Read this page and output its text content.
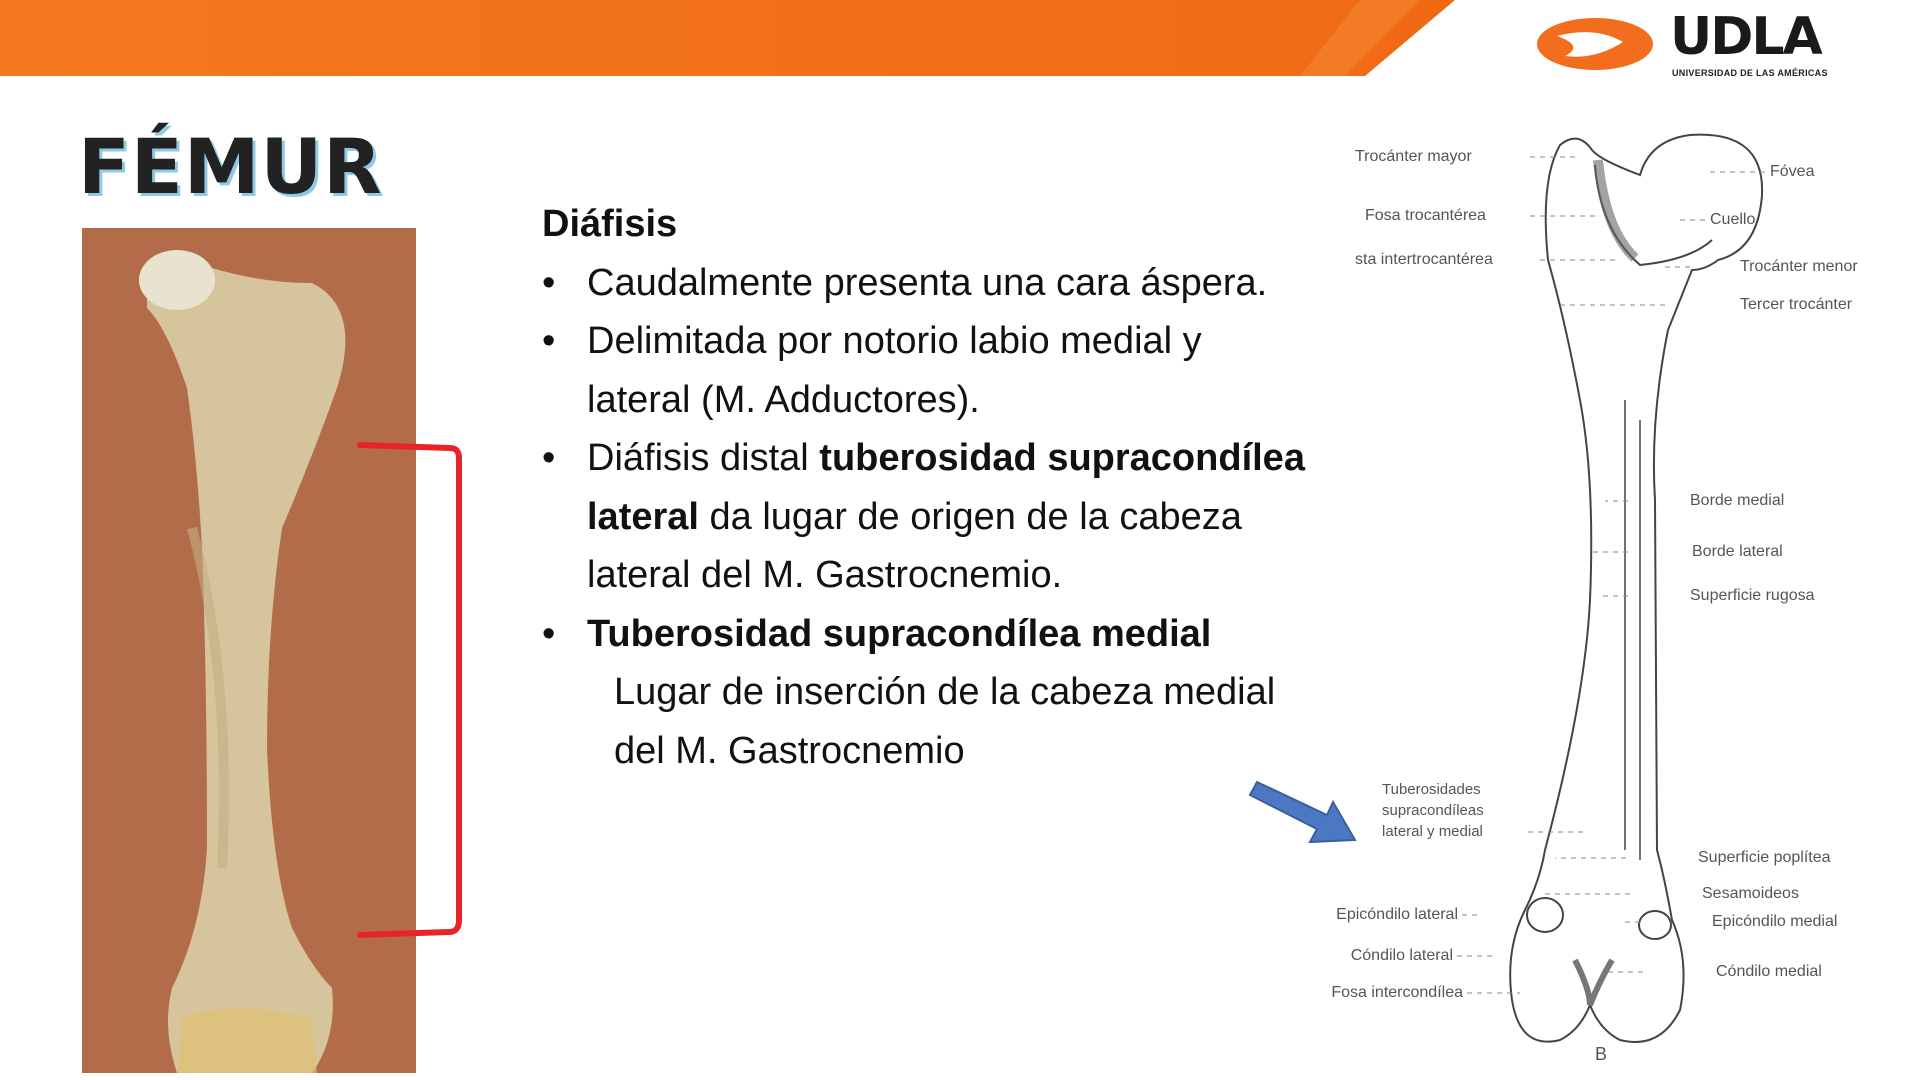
UDLA
UNIVERSIDAD DE LAS AMÉRICAS
FÉMUR
Diáfisis
• Caudalmente presenta una cara áspera.
• Delimitada por notorio labio medial y lateral (M. Adductores).
• Diáfisis distal tuberosidad supracondílea lateral da lugar de origen de la cabeza lateral del M. Gastrocnemio.
• Tuberosidad supracondílea medial
Lugar de inserción de la cabeza medial del M. Gastrocnemio
Trocánter mayor
Fosa trocantérea
sta intertrocantérea
Fóvea
Cuello
Trocánter menor
Tercer trocánter
Borde medial
Borde lateral
Superficie rugosa
Tuberosidades
supracondíleas
lateral y medial
Superficie poplítea
Sesamoideos
Epicóndilo medial
Epicóndilo lateral
Cóndilo lateral
Fosa intercondílea
Cóndilo medial
B
